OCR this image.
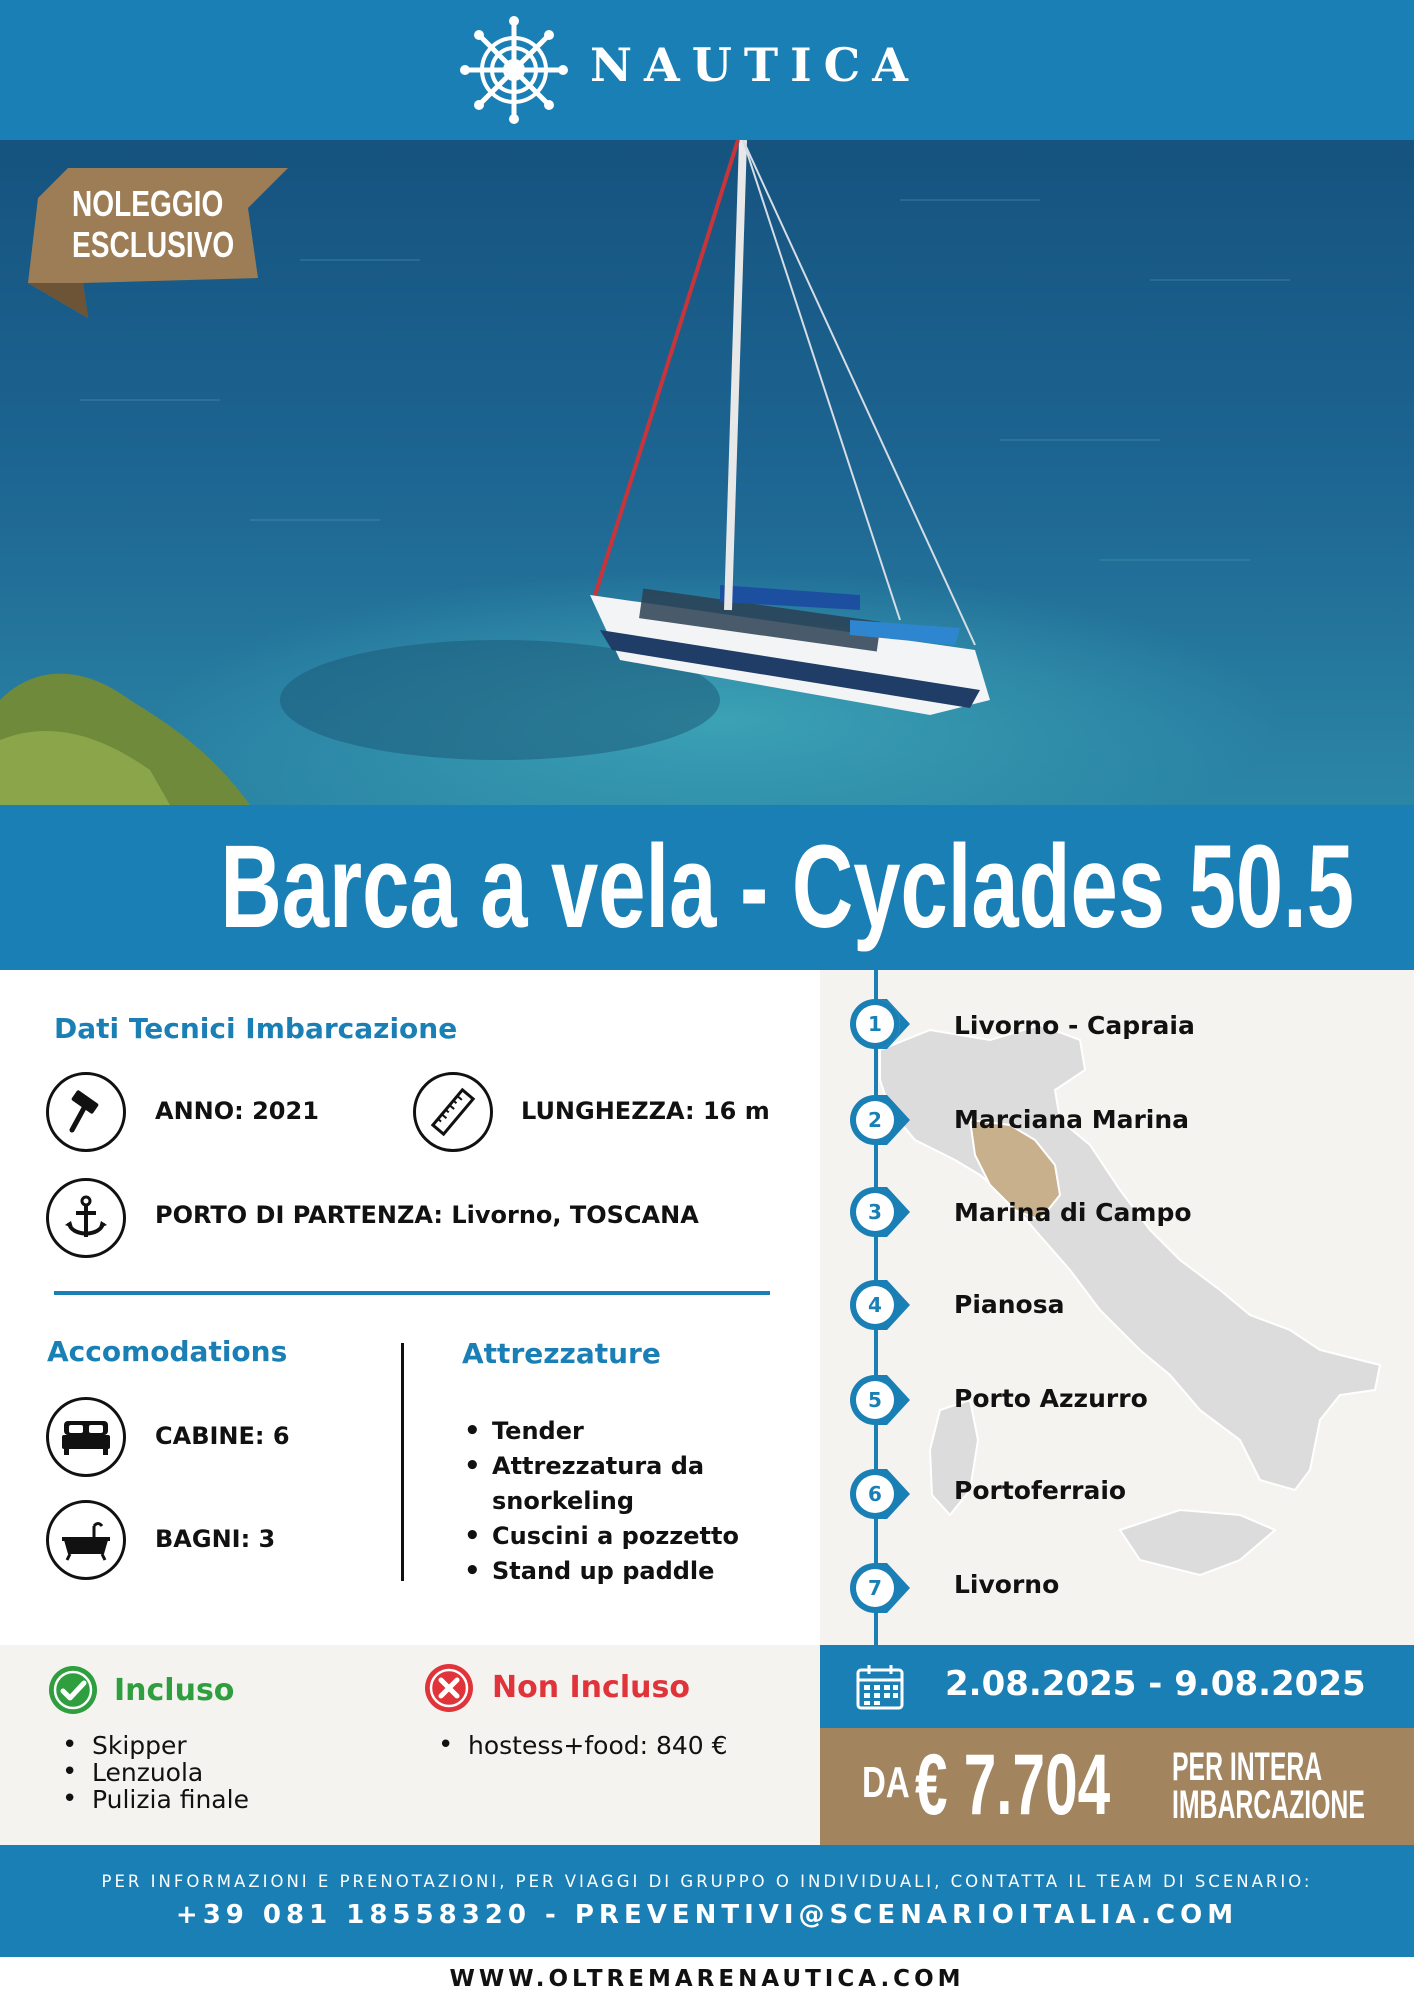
NAUTICA
NOLEGGIO
ESCLUSIVO
Barca a vela - Cyclades 50.5
Dati Tecnici Imbarcazione
ANNO: 2021	LUNGHEZZA: 16 m
PORTO DI PARTENZA: Livorno, TOSCANA
Accomodations
CABINE: 6
BAGNI: 3
Attrezzature
• Tender
• Attrezzatura da
snorkeling
• Cuscini a pozzetto
• Stand up paddle
1	Livorno - Capraia
2	Marciana Marina
3	Marina di Campo
4	Pianosa
5	Porto Azzurro
6	Portoferraio
7	Livorno
Incluso
• Skipper
• Lenzuola
• Pulizia finale
Non Incluso
• hostess+food: 840 €
2.08.2025 - 9.08.2025
DA € 7.704 PER INTERA
IMBARCAZIONE
PER INFORMAZIONI E PRENOTAZIONI, PER VIAGGI DI GRUPPO O INDIVIDUALI, CONTATTA IL TEAM DI SCENARIO:
+39 081 18558320 - PREVENTIVI@SCENARIOITALIA.COM
WWW.OLTREMARENAUTICA.COM
